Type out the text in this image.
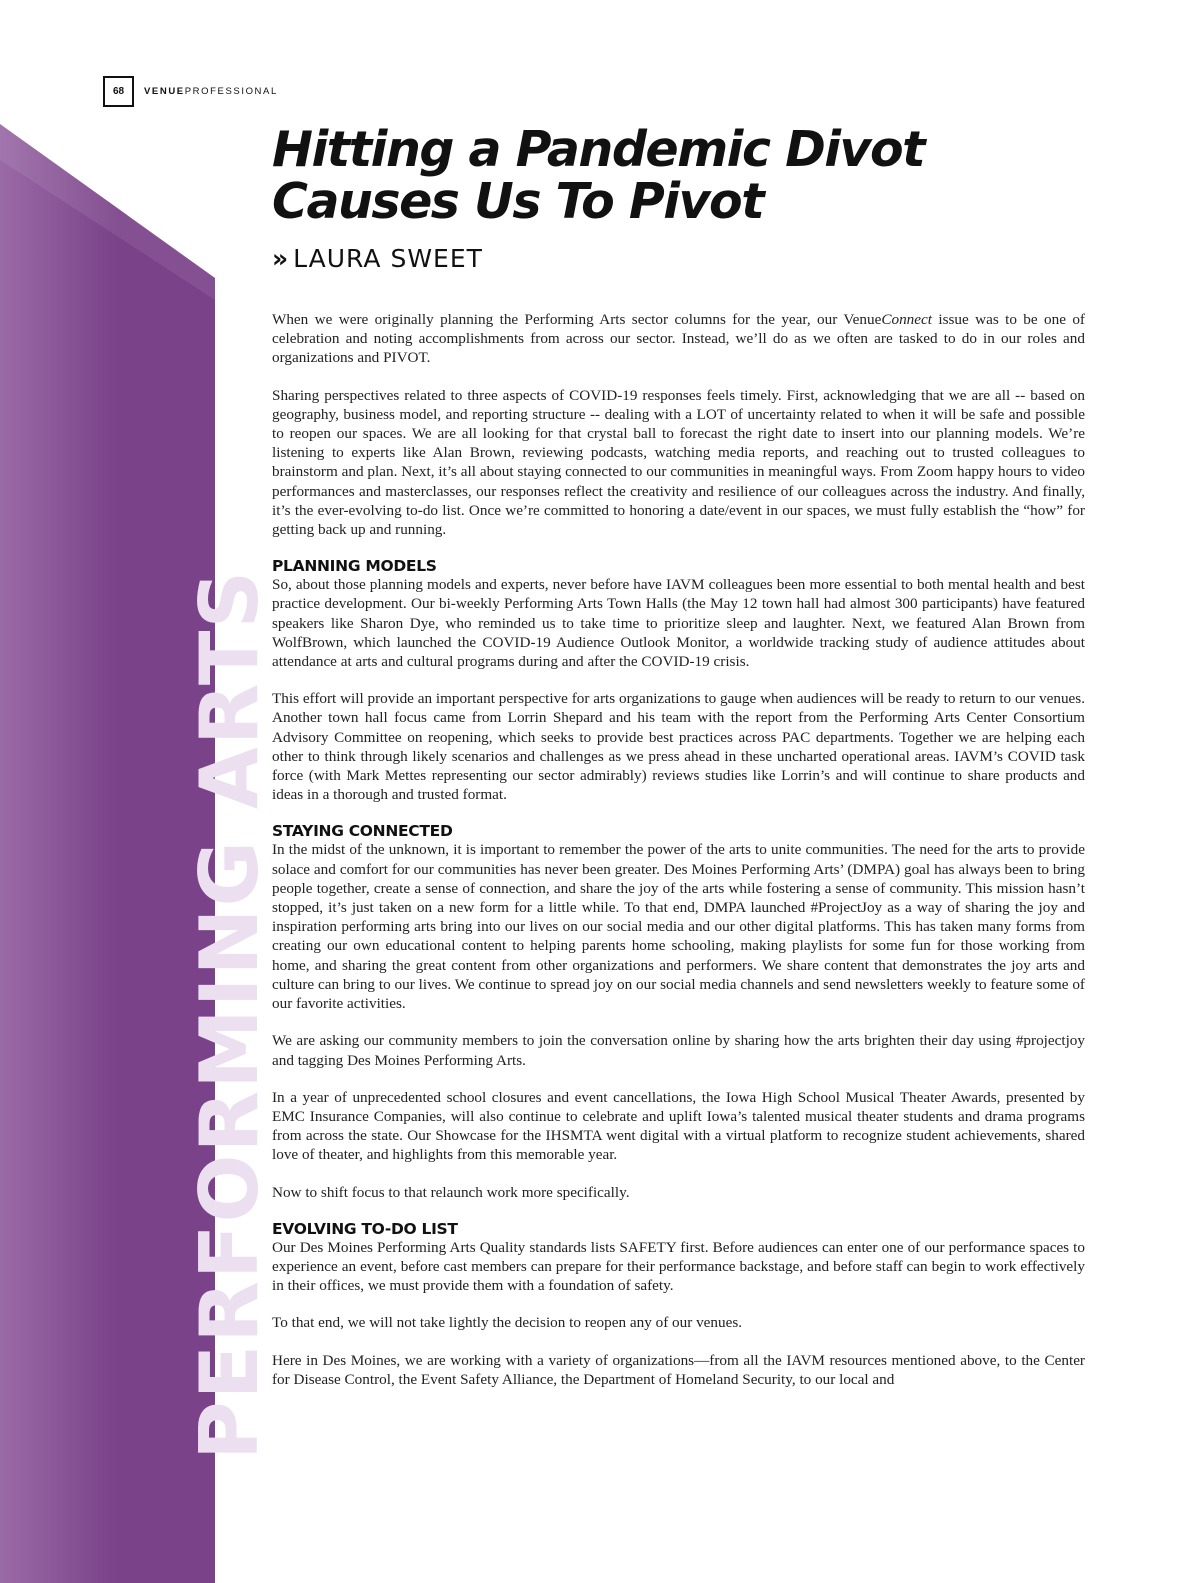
PERFORMING ARTS
68	VENUEPROFESSIONAL
Hitting a Pandemic Divot
Causes Us To Pivot
» LAURA SWEET

When we were originally planning the Performing Arts sector columns for the year, our VenueConnect issue was to be one of celebration and noting accomplishments from across our sector. Instead, we’ll do as we often are tasked to do in our roles and organizations and PIVOT.

Sharing perspectives related to three aspects of COVID-19 responses feels timely. First, acknowledging that we are all -- based on geography, business model, and reporting structure -- dealing with a LOT of uncertainty related to when it will be safe and possible to reopen our spaces. We are all looking for that crystal ball to forecast the right date to insert into our planning models. We’re listening to experts like Alan Brown, reviewing podcasts, watching media reports, and reaching out to trusted colleagues to brainstorm and plan. Next, it’s all about staying connected to our communities in meaningful ways. From Zoom happy hours to video performances and masterclasses, our responses reflect the creativity and resilience of our colleagues across the industry. And finally, it’s the ever-evolving to-do list. Once we’re committed to honoring a date/event in our spaces, we must fully establish the “how” for getting back up and running.

PLANNING MODELS

So, about those planning models and experts, never before have IAVM colleagues been more essential to both mental health and best practice development. Our bi-weekly Performing Arts Town Halls (the May 12 town hall had almost 300 participants) have featured speakers like Sharon Dye, who reminded us to take time to prioritize sleep and laughter. Next, we featured Alan Brown from WolfBrown, which launched the COVID-19 Audience Outlook Monitor, a worldwide tracking study of audience attitudes about attendance at arts and cultural programs during and after the COVID-19 crisis.

This effort will provide an important perspective for arts organizations to gauge when audiences will be ready to return to our venues. Another town hall focus came from Lorrin Shepard and his team with the report from the Performing Arts Center Consortium Advisory Committee on reopening, which seeks to provide best practices across PAC departments. Together we are helping each other to think through likely scenarios and challenges as we press ahead in these uncharted operational areas. IAVM’s COVID task force (with Mark Mettes representing our sector admirably) reviews studies like Lorrin’s and will continue to share products and ideas in a thorough and trusted format.

STAYING CONNECTED

In the midst of the unknown, it is important to remember the power of the arts to unite communities. The need for the arts to provide solace and comfort for our communities has never been greater. Des Moines Performing Arts’ (DMPA) goal has always been to bring people together, create a sense of connection, and share the joy of the arts while fostering a sense of community. This mission hasn’t stopped, it’s just taken on a new form for a little while. To that end, DMPA launched #ProjectJoy as a way of sharing the joy and inspiration performing arts bring into our lives on our social media and our other digital platforms. This has taken many forms from creating our own educational content to helping parents home schooling, making playlists for some fun for those working from home, and sharing the great content from other organizations and performers. We share content that demonstrates the joy arts and culture can bring to our lives. We continue to spread joy on our social media channels and send newsletters weekly to feature some of our favorite activities.

We are asking our community members to join the conversation online by sharing how the arts brighten their day using #projectjoy and tagging Des Moines Performing Arts.

In a year of unprecedented school closures and event cancellations, the Iowa High School Musical Theater Awards, presented by EMC Insurance Companies, will also continue to celebrate and uplift Iowa’s talented musical theater students and drama programs from across the state. Our Showcase for the IHSMTA went digital with a virtual platform to recognize student achievements, shared love of theater, and highlights from this memorable year.

Now to shift focus to that relaunch work more specifically.

EVOLVING TO-DO LIST

Our Des Moines Performing Arts Quality standards lists SAFETY first. Before audiences can enter one of our performance spaces to experience an event, before cast members can prepare for their performance backstage, and before staff can begin to work effectively in their offices, we must provide them with a foundation of safety.

To that end, we will not take lightly the decision to reopen any of our venues.

Here in Des Moines, we are working with a variety of organizations—from all the IAVM resources mentioned above, to the Center for Disease Control, the Event Safety Alliance, the Department of Homeland Security, to our local and
